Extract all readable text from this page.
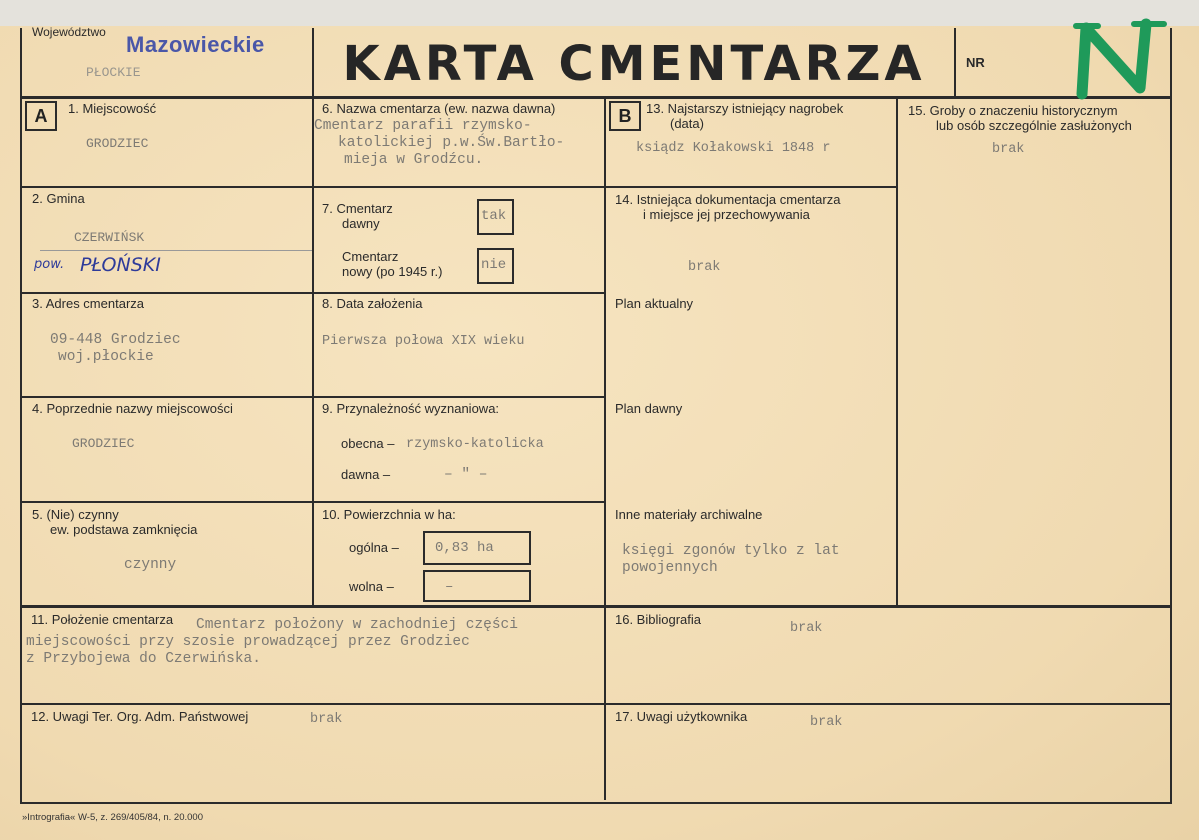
Województwo Mazowieckie
PŁOCKIE	KARTA CMENTARZA	NR
A	B
1. Miejscowość
GRODZIEC
2. Gmina
CZERWIŃSK
pow. PŁOŃSKI
3. Adres cmentarza
09-448 Grodziec
woj.płockie
4. Poprzednie nazwy miejscowości
GRODZIEC
5. (Nie) czynny
ew. podstawa zamknięcia
czynny
6. Nazwa cmentarza (ew. nazwa dawna)
Cmentarz parafii rzymsko-
katolickiej p.w.Św.Bartło-
mieja w Grodźcu.
7. Cmentarz
dawny	tak
Cmentarz
nowy (po 1945 r.)	nie
8. Data założenia
Pierwsza połowa XIX wieku
9. Przynależność wyznaniowa:
obecna – rzymsko-katolicka
dawna –	– " –
10. Powierzchnia w ha:
ogólna –	0,83 ha
wolna –	–
13. Najstarszy istniejący nagrobek
(data)
ksiądz Kołakowski 1848 r
14. Istniejąca dokumentacja cmentarza
i miejsce jej przechowywania
brak
Plan aktualny
Plan dawny
Inne materiały archiwalne
księgi zgonów tylko z lat
powojennych
15. Groby o znaczeniu historycznym
lub osób szczególnie zasłużonych
brak
11. Położenie cmentarza Cmentarz położony w zachodniej części
miejscowości przy szosie prowadzącej przez Grodziec
z Przybojewa do Czerwińska.
16. Bibliografia
brak
12. Uwagi Ter. Org. Adm. Państwowej	brak	17. Uwagi użytkownika	brak
»Intrografia« W-5, z. 269/405/84, n. 20.000
